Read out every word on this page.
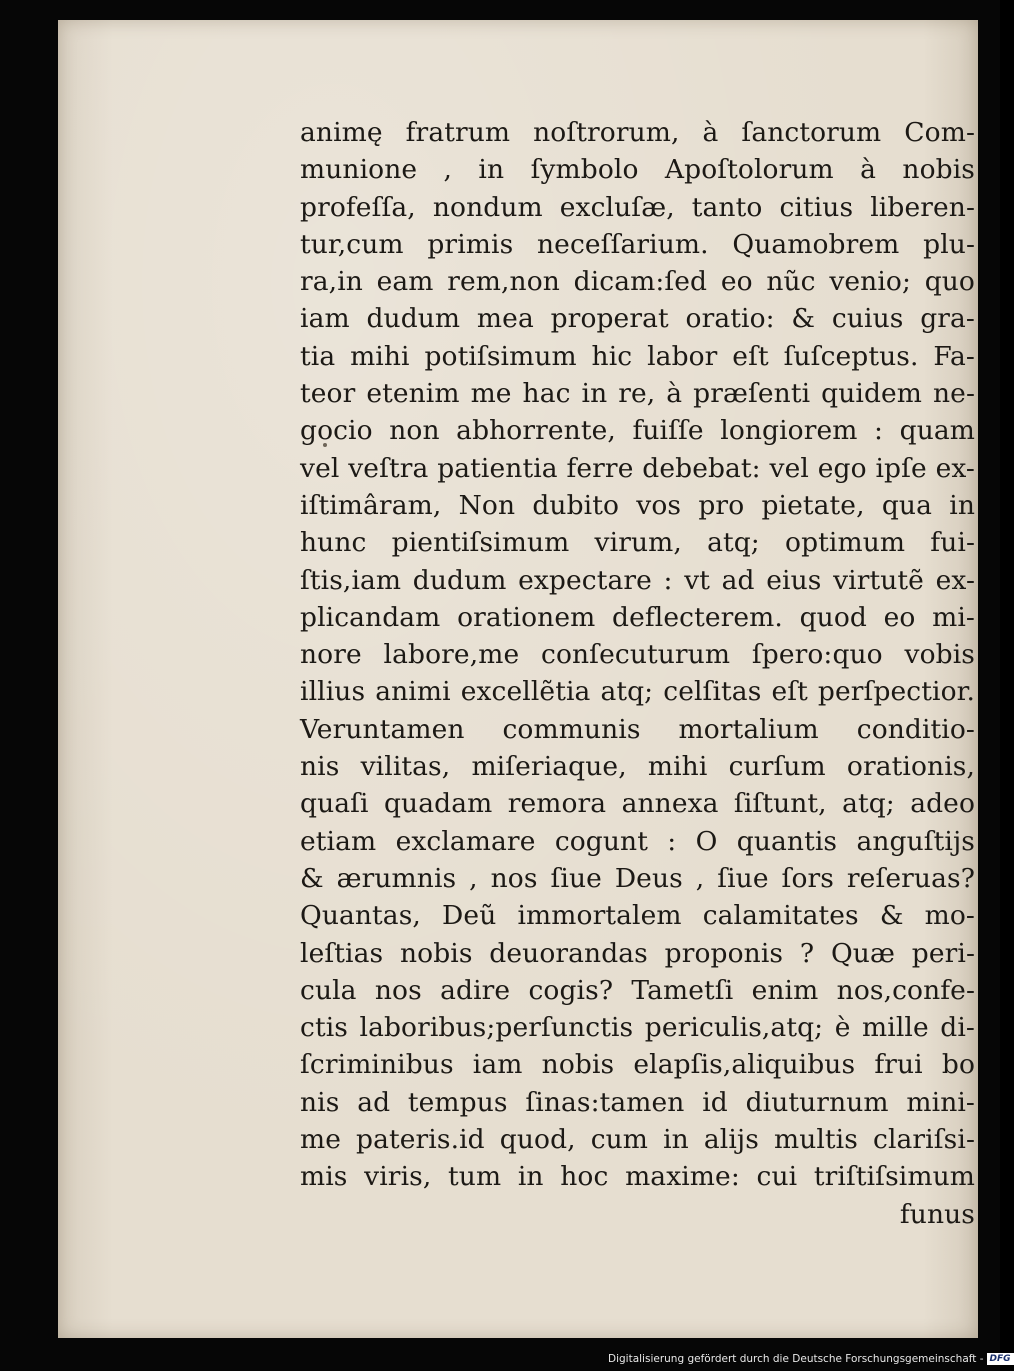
animę fratrum noſtrorum, à ſanctorum Com-
munione , in ſymbolo Apoſtolorum à nobis
profeſſa, nondum excluſæ, tanto citius liberen-
tur,cum primis neceſſarium. Quamobrem plu-
ra,in eam rem,non dicam:ſed eo nũc venio; quo
iam dudum mea properat oratio: & cuius gra-
tia mihi potiſsimum hic labor eſt ſuſceptus. Fa-
teor etenim me hac in re, à præſenti quidem ne-
gocio non abhorrente, fuiſſe longiorem : quam
vel veſtra patientia ferre debebat: vel ego ipſe ex-
iſtimâram, Non dubito vos pro pietate, qua in
hunc pientiſsimum virum, atq; optimum fui-
ſtis,iam dudum expectare : vt ad eius virtutẽ ex-
plicandam orationem deflecterem. quod eo mi-
nore labore,me conſecuturum ſpero:quo vobis
illius animi excellẽtia atq; celſitas eſt perſpectior.
Veruntamen communis mortalium conditio-
nis vilitas, miſeriaque, mihi curſum orationis,
quaſi quadam remora annexa ſiſtunt, atq; adeo
etiam exclamare cogunt : O quantis anguſtijs
& ærumnis , nos ſiue Deus , ſiue ſors reſeruas?
Quantas, Deũ immortalem calamitates & mo-
leſtias nobis deuorandas proponis ? Quæ peri-
cula nos adire cogis? Tametſi enim nos,confe-
ctis laboribus;perſunctis periculis,atq; è mille di-
ſcriminibus iam nobis elapſis,aliquibus frui bo
nis ad tempus ſinas:tamen id diuturnum mini-
me pateris.id quod, cum in alijs multis clariſsi-
mis viris, tum in hoc maxime: cui triſtiſsimum
funus
Digitalisierung gefördert durch die Deutsche Forschungsgemeinschaft - DFG
